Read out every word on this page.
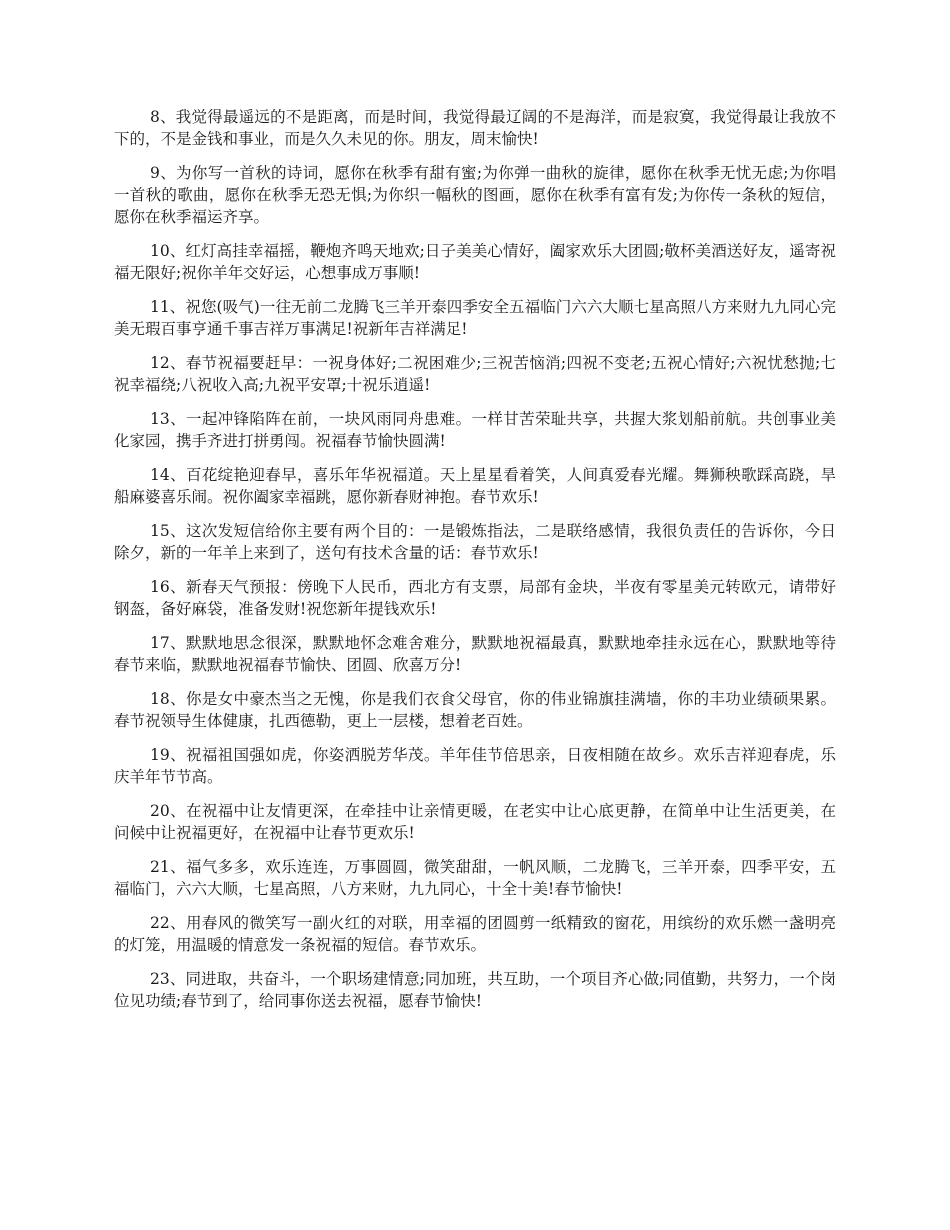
8、我觉得最遥远的不是距离，而是时间，我觉得最辽阔的不是海洋，而是寂寞，我觉得最让我放不下的，不是金钱和事业，而是久久未见的你。朋友，周末愉快!

9、为你写一首秋的诗词，愿你在秋季有甜有蜜;为你弹一曲秋的旋律，愿你在秋季无忧无虑;为你唱一首秋的歌曲，愿你在秋季无恐无惧;为你织一幅秋的图画，愿你在秋季有富有发;为你传一条秋的短信，愿你在秋季福运齐享。

10、红灯高挂幸福摇，鞭炮齐鸣天地欢;日子美美心情好，阖家欢乐大团圆;敬杯美酒送好友，遥寄祝福无限好;祝你羊年交好运，心想事成万事顺!

11、祝您(吸气)一往无前二龙腾飞三羊开泰四季安全五福临门六六大顺七星高照八方来财九九同心完美无瑕百事亨通千事吉祥万事满足!祝新年吉祥满足!

12、春节祝福要赶早：一祝身体好;二祝困难少;三祝苦恼消;四祝不变老;五祝心情好;六祝忧愁抛;七祝幸福绕;八祝收入高;九祝平安罩;十祝乐逍遥!

13、一起冲锋陷阵在前，一块风雨同舟患难。一样甘苦荣耻共享，共握大浆划船前航。共创事业美化家园，携手齐进打拼勇闯。祝福春节愉快圆满!

14、百花绽艳迎春早，喜乐年华祝福道。天上星星看着笑，人间真爱春光耀。舞狮秧歌踩高跷，旱船麻婆喜乐闹。祝你阖家幸福跳，愿你新春财神抱。春节欢乐!

15、这次发短信给你主要有两个目的：一是锻炼指法，二是联络感情，我很负责任的告诉你，今日除夕，新的一年羊上来到了，送句有技术含量的话：春节欢乐!

16、新春天气预报：傍晚下人民币，西北方有支票，局部有金块，半夜有零星美元转欧元，请带好钢盔，备好麻袋，准备发财!祝您新年提钱欢乐!

17、默默地思念很深，默默地怀念难舍难分，默默地祝福最真，默默地牵挂永远在心，默默地等待春节来临，默默地祝福春节愉快、团圆、欣喜万分!

18、你是女中豪杰当之无愧，你是我们衣食父母官，你的伟业锦旗挂满墙，你的丰功业绩硕果累。春节祝领导生体健康，扎西德勒，更上一层楼，想着老百姓。

19、祝福祖国强如虎，你姿洒脱芳华茂。羊年佳节倍思亲，日夜相随在故乡。欢乐吉祥迎春虎，乐庆羊年节节高。

20、在祝福中让友情更深，在牵挂中让亲情更暖，在老实中让心底更静，在简单中让生活更美，在问候中让祝福更好，在祝福中让春节更欢乐!

21、福气多多，欢乐连连，万事圆圆，微笑甜甜，一帆风顺，二龙腾飞，三羊开泰，四季平安，五福临门，六六大顺，七星高照，八方来财，九九同心，十全十美!春节愉快!

22、用春风的微笑写一副火红的对联，用幸福的团圆剪一纸精致的窗花，用缤纷的欢乐燃一盏明亮的灯笼，用温暖的情意发一条祝福的短信。春节欢乐。

23、同进取，共奋斗，一个职场建情意;同加班，共互助，一个项目齐心做;同值勤，共努力，一个岗位见功绩;春节到了，给同事你送去祝福，愿春节愉快!
